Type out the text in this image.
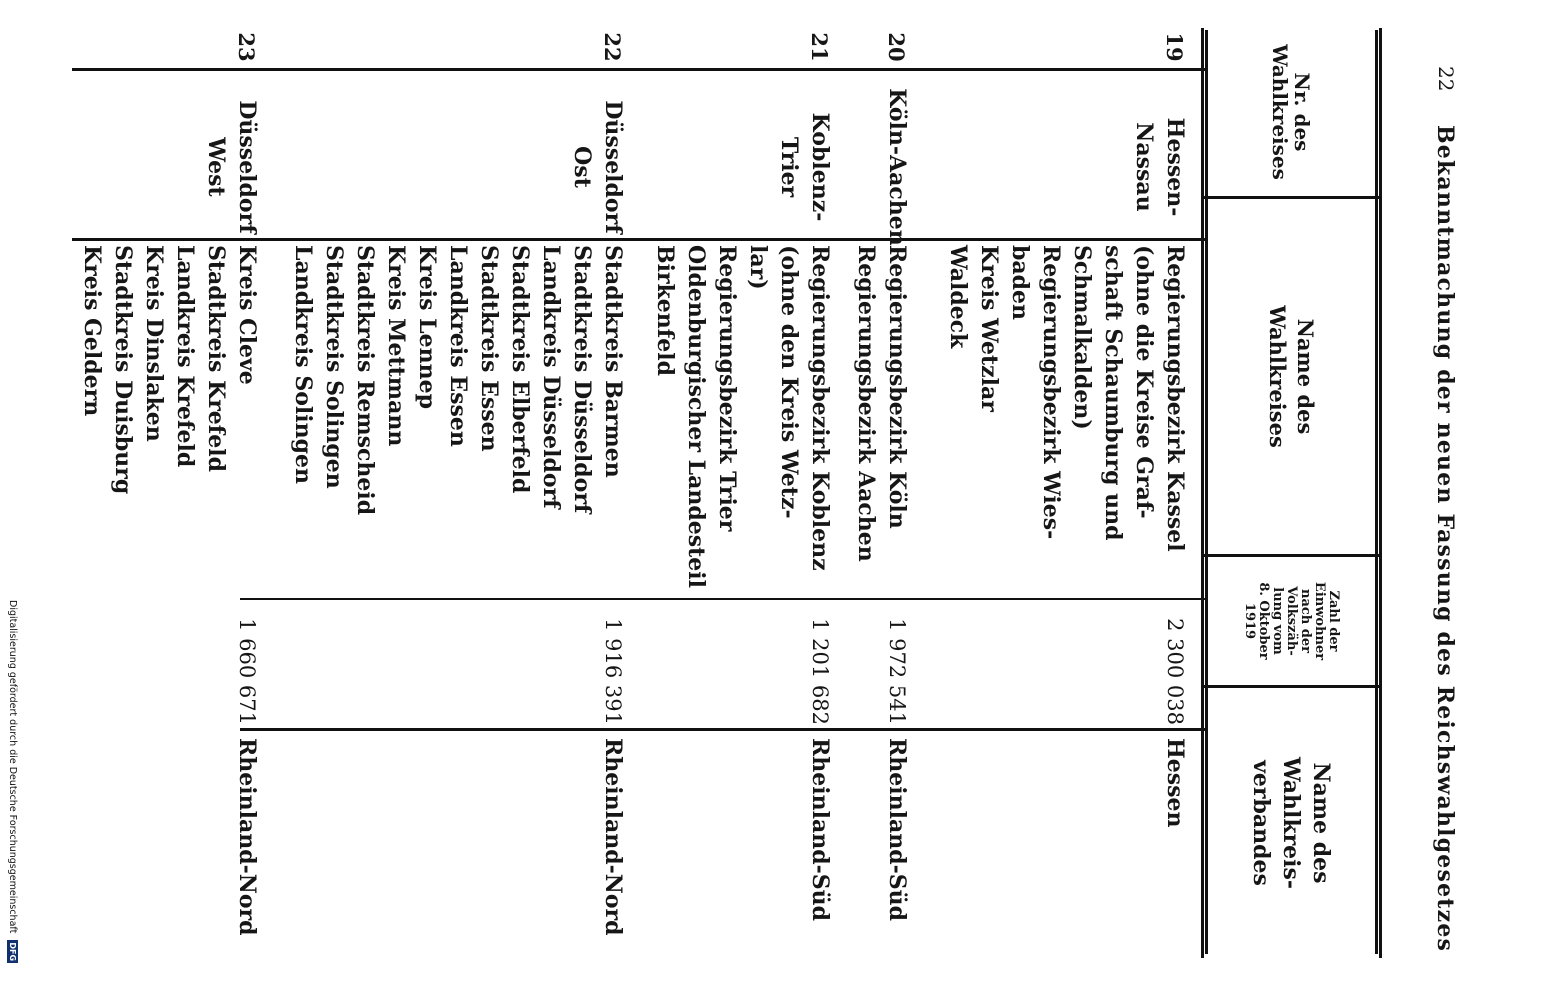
Digitalisierung gefördert durch die Deutsche Forschungsgemeinschaft DFG
22
Bekanntmachung der neuen Fassung des Reichswahlgesetzes
Nr. des
Wahlkreises
Name des
Wahlkreises
Zahl der
Einwohner
nach der
Volkszäh-
lung vom
8. Oktober
1919
Name des
Wahlkreis-
verbandes
19
Hessen-
Nassau
Regierungsbezirk Kassel
(ohne die Kreise Graf-
schaft Schaumburg und
Schmalkalden)
Regierungsbezirk Wies-
baden
Kreis Wetzlar
Waldeck
2 300 038
Hessen
20
Köln-Aachen
Regierungsbezirk Köln
Regierungsbezirk Aachen
1 972 541
Rheinland-Süd
21
Koblenz-
Trier
Regierungsbezirk Koblenz
(ohne den Kreis Wetz-
lar)
Regierungsbezirk Trier
Oldenburgischer Landesteil
Birkenfeld
1 201 682
Rheinland-Süd
22
Düsseldorf
Ost
Stadtkreis Barmen
Stadtkreis Düsseldorf
Landkreis Düsseldorf
Stadtkreis Elberfeld
Stadtkreis Essen
Landkreis Essen
Kreis Lennep
Kreis Mettmann
Stadtkreis Remscheid
Stadtkreis Solingen
Landkreis Solingen
1 916 391
Rheinland-Nord
23
Düsseldorf
West
Kreis Cleve
Stadtkreis Krefeld
Landkreis Krefeld
Kreis Dinslaken
Stadtkreis Duisburg
Kreis Geldern
1 660 671
Rheinland-Nord
